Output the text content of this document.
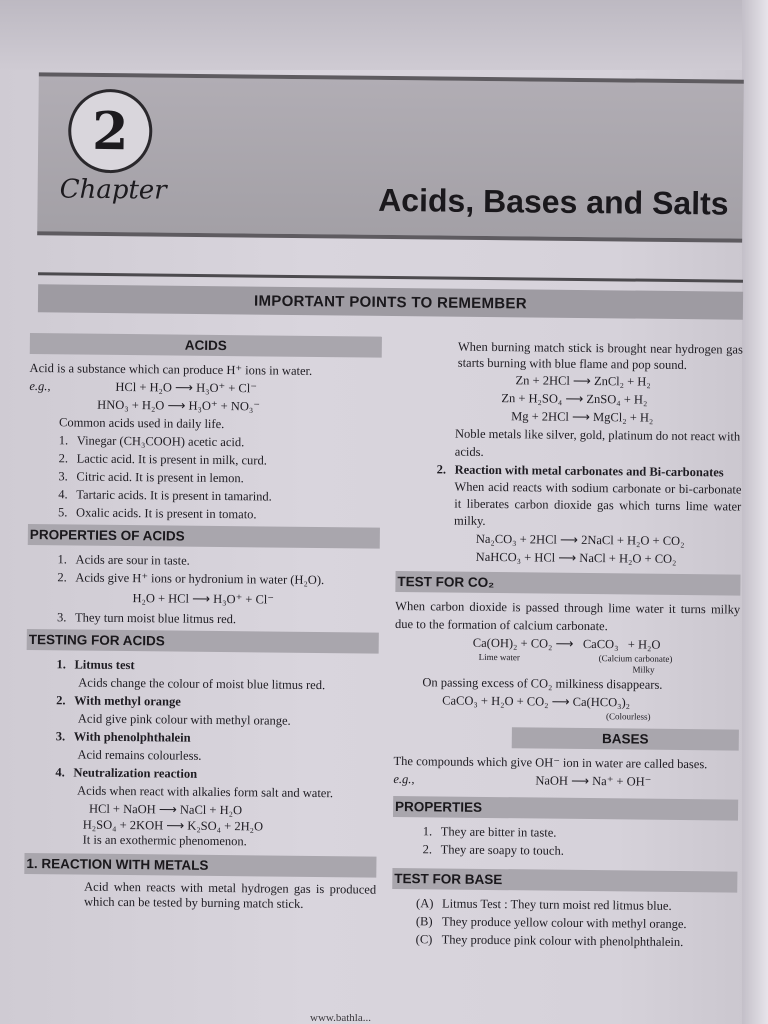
2
Chapter	Acids, Bases and Salts
IMPORTANT POINTS TO REMEMBER
ACIDS

Acid is a substance which can produce H⁺ ions in water.

e.g.,	HCl + H₂O ⟶ H₃O⁺ + Cl⁻

HNO₃ + H₂O ⟶ H₃O⁺ + NO₃⁻

Common acids used in daily life.

1. Vinegar (CH₃COOH) acetic acid.
2. Lactic acid. It is present in milk, curd.
3. Citric acid. It is present in lemon.
4. Tartaric acids. It is present in tamarind.
5. Oxalic acids. It is present in tomato.
PROPERTIES OF ACIDS
1. Acids are sour in taste.
2. Acids give H⁺ ions or hydronium in water (H₂O).

H₂O + HCl ⟶ H₃O⁺ + Cl⁻

3. They turn moist blue litmus red.
TESTING FOR ACIDS
1. Litmus test

Acids change the colour of moist blue litmus red.

2. With methyl orange

Acid give pink colour with methyl orange.

3. With phenolphthalein

Acid remains colourless.

4. Neutralization reaction

Acids when react with alkalies form salt and water.

HCl + NaOH ⟶ NaCl + H₂O

H₂SO₄ + 2KOH ⟶ K₂SO₄ + 2H₂O

It is an exothermic phenomenon.

1. REACTION WITH METALS

Acid when reacts with metal hydrogen gas is produced which can be tested by burning match stick.

When burning match stick is brought near hydrogen gas starts burning with blue flame and pop sound.

Zn + 2HCl ⟶ ZnCl₂ + H₂

Zn + H₂SO₄ ⟶ ZnSO₄ + H₂

Mg + 2HCl ⟶ MgCl₂ + H₂

Noble metals like silver, gold, platinum do not react with acids.

2. Reaction with metal carbonates and Bi-carbonates

When acid reacts with sodium carbonate or bi-carbonate it liberates carbon dioxide gas which turns lime water milky.

Na₂CO₃ + 2HCl ⟶ 2NaCl + H₂O + CO₂

NaHCO₃ + HCl ⟶ NaCl + H₂O + CO₂

TEST FOR CO₂

When carbon dioxide is passed through lime water it turns milky due to the formation of calcium carbonate.

Ca(OH)₂ + CO₂ ⟶   CaCO₃   + H₂O

Lime water	(Calcium carbonate)

Milky

On passing excess of CO₂ milkiness disappears.

CaCO₃ + H₂O + CO₂ ⟶ Ca(HCO₃)₂

(Colourless)

BASES

The compounds which give OH⁻ ion in water are called bases.

e.g.,	NaOH ⟶ Na⁺ + OH⁻
PROPERTIES
1. They are bitter in taste.
2. They are soapy to touch.
TEST FOR BASE
(A) Litmus Test : They turn moist red litmus blue.
(B) They produce yellow colour with methyl orange.
(C) They produce pink colour with phenolphthalein.
www.bathla...
